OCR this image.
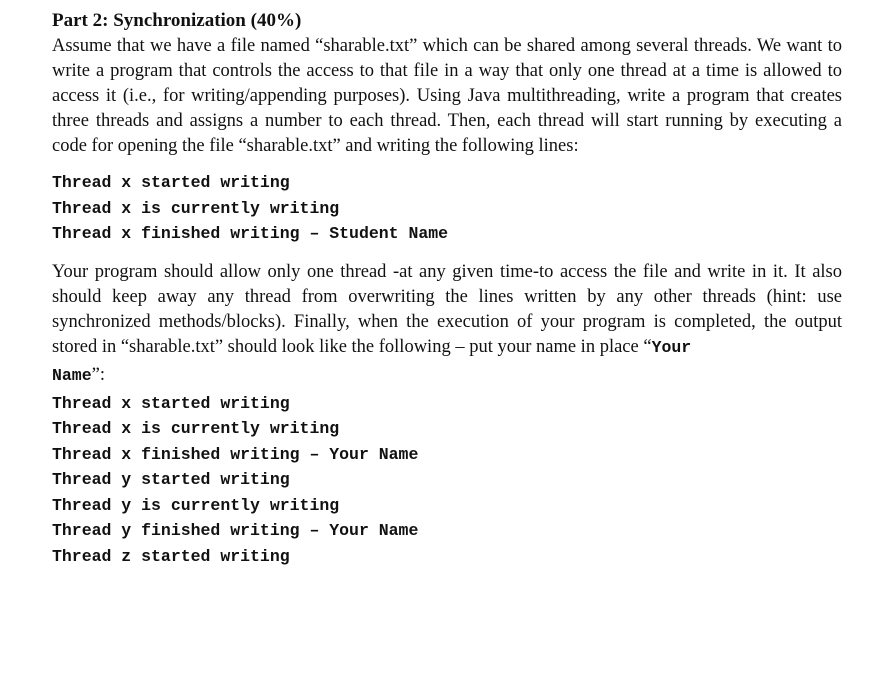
Part 2: Synchronization (40%)

Assume that we have a file named “sharable.txt” which can be shared among several threads. We want to write a program that controls the access to that file in a way that only one thread at a time is allowed to access it (i.e., for writing/appending purposes). Using Java multithreading, write a program that creates three threads and assigns a number to each thread. Then, each thread will start running by executing a code for opening the file “sharable.txt” and writing the following lines:

Thread x started writing
Thread x is currently writing
Thread x finished writing – Student Name

Your program should allow only one thread -at any given time-to access the file and write in it. It also should keep away any thread from overwriting the lines written by any other threads (hint: use synchronized methods/blocks). Finally, when the execution of your program is completed, the output stored in “sharable.txt” should look like the following – put your name in place “Your

Name”:

Thread x started writing
Thread x is currently writing
Thread x finished writing – Your Name
Thread y started writing
Thread y is currently writing
Thread y finished writing – Your Name
Thread z started writing
